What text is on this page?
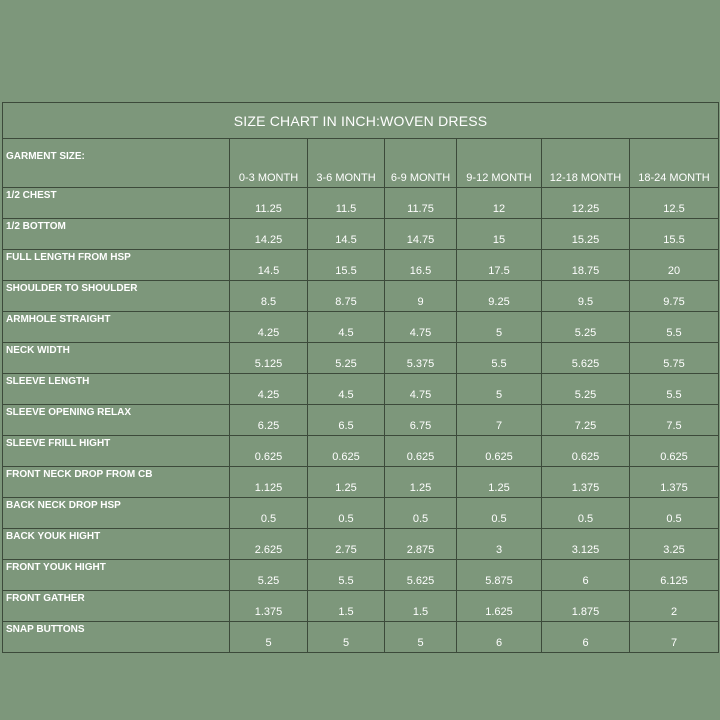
SIZE CHART IN INCH:WOVEN DRESS						
GARMENT SIZE:	0-3 MONTH	3-6 MONTH	6-9 MONTH	9-12 MONTH	12-18 MONTH	18-24 MONTH
1/2 CHEST	11.25	11.5	11.75	12	12.25	12.5
1/2 BOTTOM	14.25	14.5	14.75	15	15.25	15.5
FULL LENGTH FROM HSP	14.5	15.5	16.5	17.5	18.75	20
SHOULDER TO SHOULDER	8.5	8.75	9	9.25	9.5	9.75
ARMHOLE STRAIGHT	4.25	4.5	4.75	5	5.25	5.5
NECK WIDTH	5.125	5.25	5.375	5.5	5.625	5.75
SLEEVE LENGTH	4.25	4.5	4.75	5	5.25	5.5
SLEEVE OPENING RELAX	6.25	6.5	6.75	7	7.25	7.5
SLEEVE FRILL HIGHT	0.625	0.625	0.625	0.625	0.625	0.625
FRONT NECK DROP FROM CB	1.125	1.25	1.25	1.25	1.375	1.375
BACK NECK DROP HSP	0.5	0.5	0.5	0.5	0.5	0.5
BACK YOUK HIGHT	2.625	2.75	2.875	3	3.125	3.25
FRONT YOUK HIGHT	5.25	5.5	5.625	5.875	6	6.125
FRONT GATHER	1.375	1.5	1.5	1.625	1.875	2
SNAP BUTTONS	5	5	5	6	6	7
